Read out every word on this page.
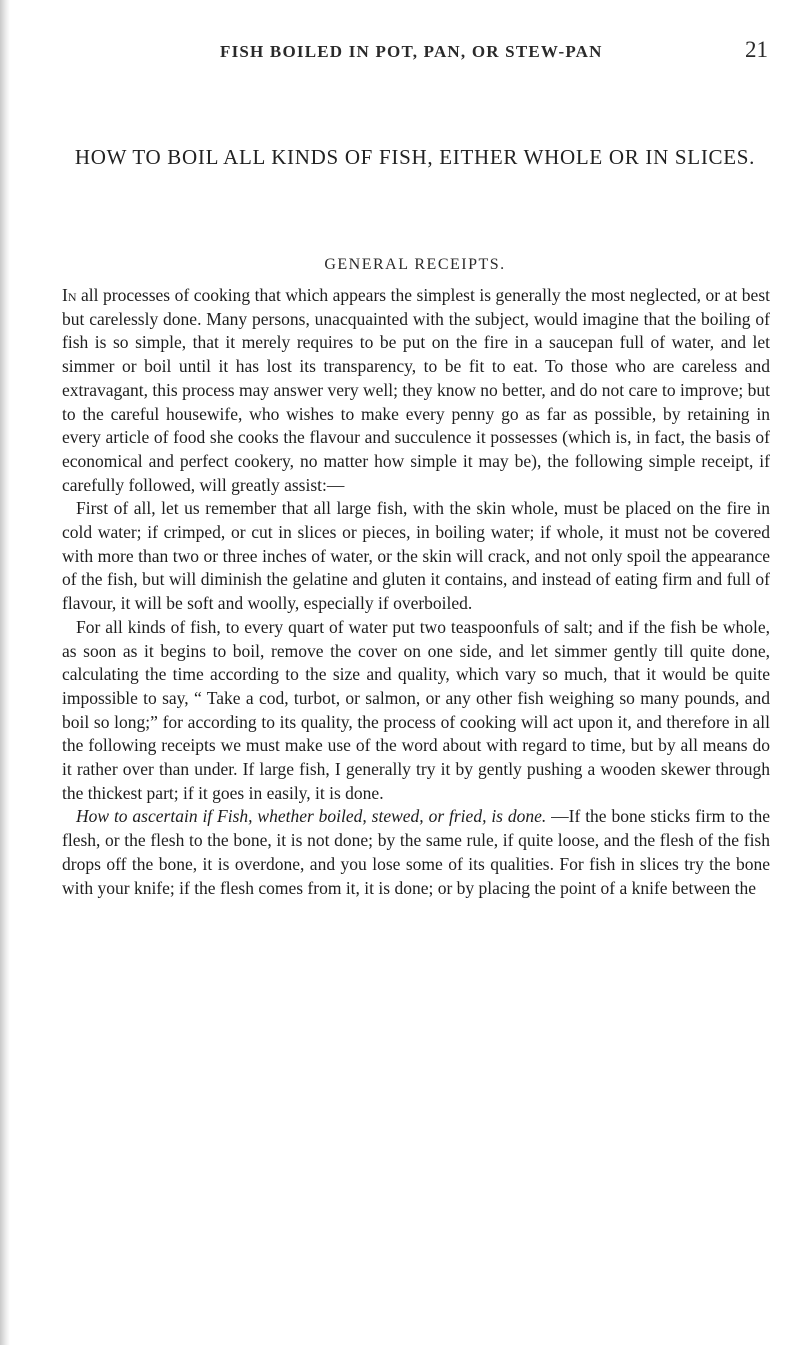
FISH BOILED IN POT, PAN, OR STEW-PAN	21
HOW TO BOIL ALL KINDS OF FISH, EITHER WHOLE OR IN SLICES.
GENERAL RECEIPTS.

In all processes of cooking that which appears the simplest is generally the most neglected, or at best but carelessly done. Many persons, unacquainted with the subject, would imagine that the boiling of fish is so simple, that it merely requires to be put on the fire in a saucepan full of water, and let simmer or boil until it has lost its transparency, to be fit to eat. To those who are careless and extravagant, this process may answer very well; they know no better, and do not care to improve; but to the careful housewife, who wishes to make every penny go as far as possible, by retaining in every article of food she cooks the flavour and succulence it possesses (which is, in fact, the basis of economical and perfect cookery, no matter how simple it may be), the following simple receipt, if carefully followed, will greatly assist:—

First of all, let us remember that all large fish, with the skin whole, must be placed on the fire in cold water; if crimped, or cut in slices or pieces, in boiling water; if whole, it must not be covered with more than two or three inches of water, or the skin will crack, and not only spoil the appearance of the fish, but will diminish the gelatine and gluten it contains, and instead of eating firm and full of flavour, it will be soft and woolly, especially if overboiled.

For all kinds of fish, to every quart of water put two teaspoonfuls of salt; and if the fish be whole, as soon as it begins to boil, remove the cover on one side, and let simmer gently till quite done, calculating the time according to the size and quality, which vary so much, that it would be quite impossible to say, “ Take a cod, turbot, or salmon, or any other fish weighing so many pounds, and boil so long;” for according to its quality, the process of cooking will act upon it, and therefore in all the following receipts we must make use of the word about with regard to time, but by all means do it rather over than under. If large fish, I generally try it by gently pushing a wooden skewer through the thickest part; if it goes in easily, it is done.

How to ascertain if Fish, whether boiled, stewed, or fried, is done. —If the bone sticks firm to the flesh, or the flesh to the bone, it is not done; by the same rule, if quite loose, and the flesh of the fish drops off the bone, it is overdone, and you lose some of its qualities. For fish in slices try the bone with your knife; if the flesh comes from it, it is done; or by placing the point of a knife between the
